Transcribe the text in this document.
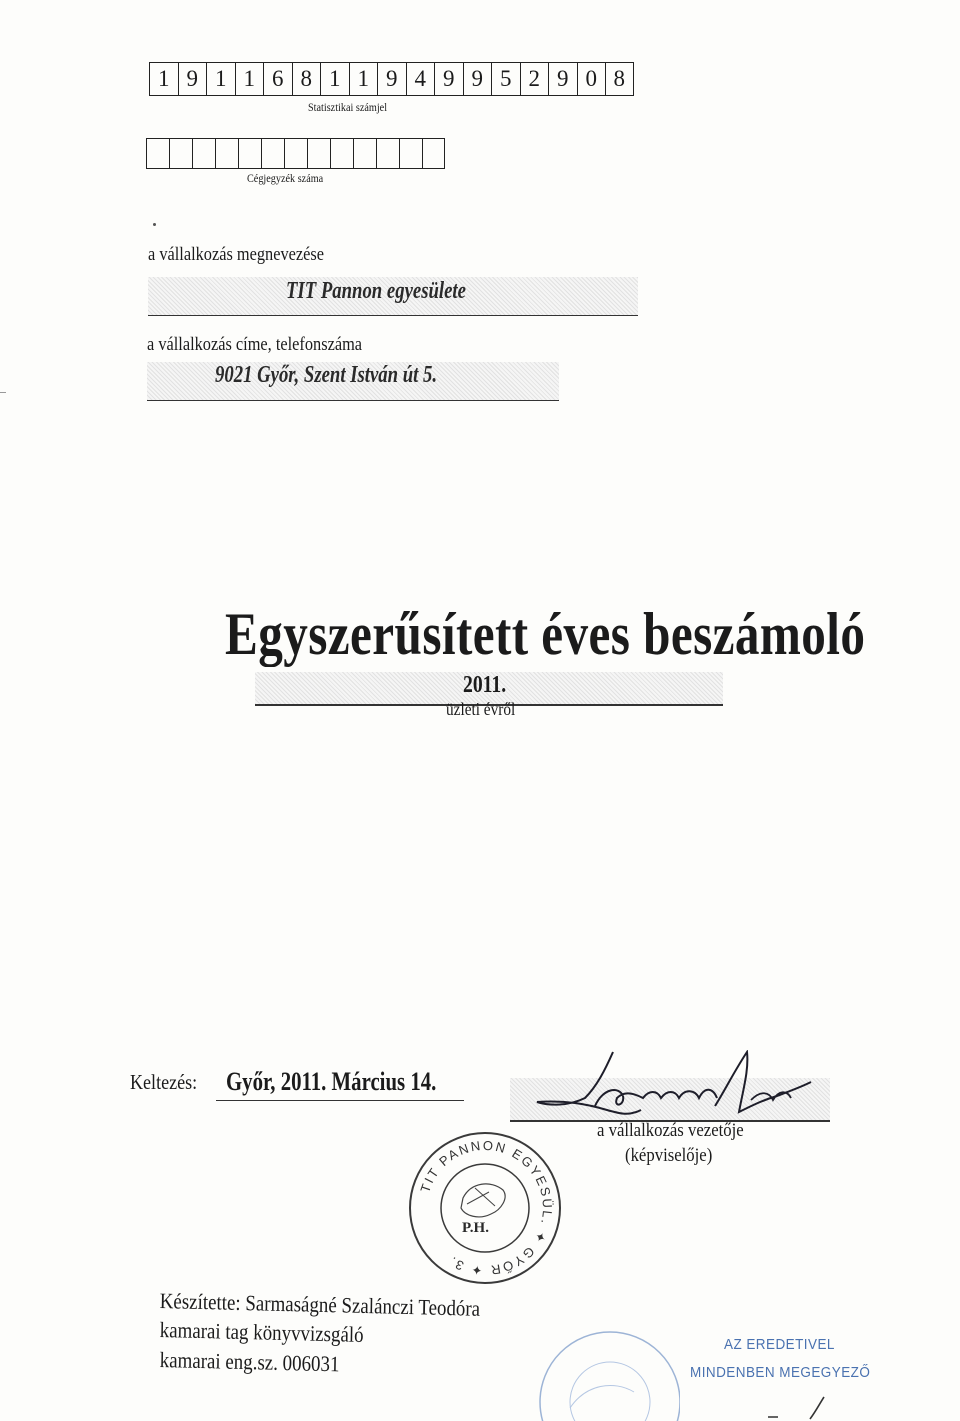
1 9 1 1 6 8 1 1 9 4 9 9 5 2 9 0 8
Statisztikai számjel
Cégjegyzék száma
a vállalkozás megnevezése
TIT Pannon egyesülete
a vállalkozás címe, telefonszáma
9021 Győr, Szent István út 5.
Egyszerűsített éves beszámoló
2011.
üzleti évről
Keltezés: Győr, 2011. Március 14.
a vállalkozás vezetője
(képviselője)
TIT PANNON EGYESÜL. ✦ GYŐR ✦ 3.
P.H.
Készítette: Sarmaságné Szalánczi Teodóra
kamarai tag könyvvizsgáló
kamarai eng.sz. 006031
AZ EREDETIVEL
MINDENBEN MEGEGYEZŐ
